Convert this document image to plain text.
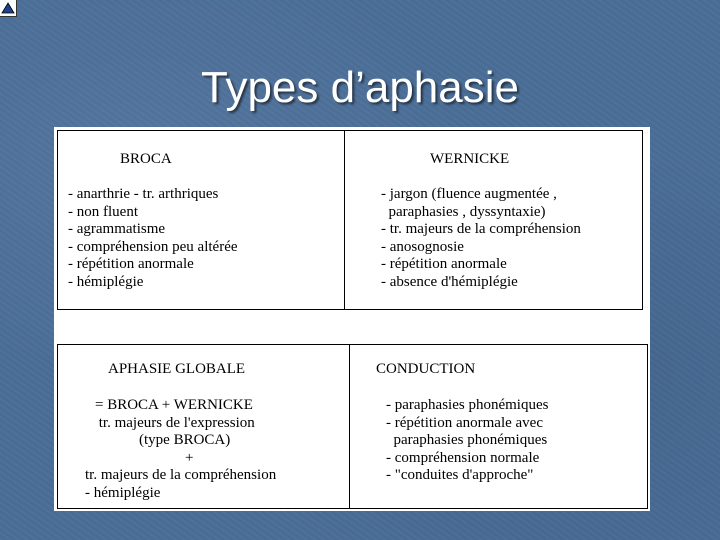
Types d’aphasie
BROCA
- anarthrie - tr. arthriques
- non fluent
- agrammatisme
- compréhension peu altérée
- répétition anormale
- hémiplégie
WERNICKE
- jargon (fluence augmentée ,
paraphasies , dyssyntaxie)
- tr. majeurs de la compréhension
- anosognosie
- répétition anormale
- absence d'hémiplégie
APHASIE GLOBALE
= BROCA + WERNICKE
tr. majeurs de l'expression
(type BROCA)
+
tr. majeurs de la compréhension
- hémiplégie
CONDUCTION
- paraphasies phonémiques
- répétition anormale avec
paraphasies phonémiques
- compréhension normale
- "conduites d'approche"
